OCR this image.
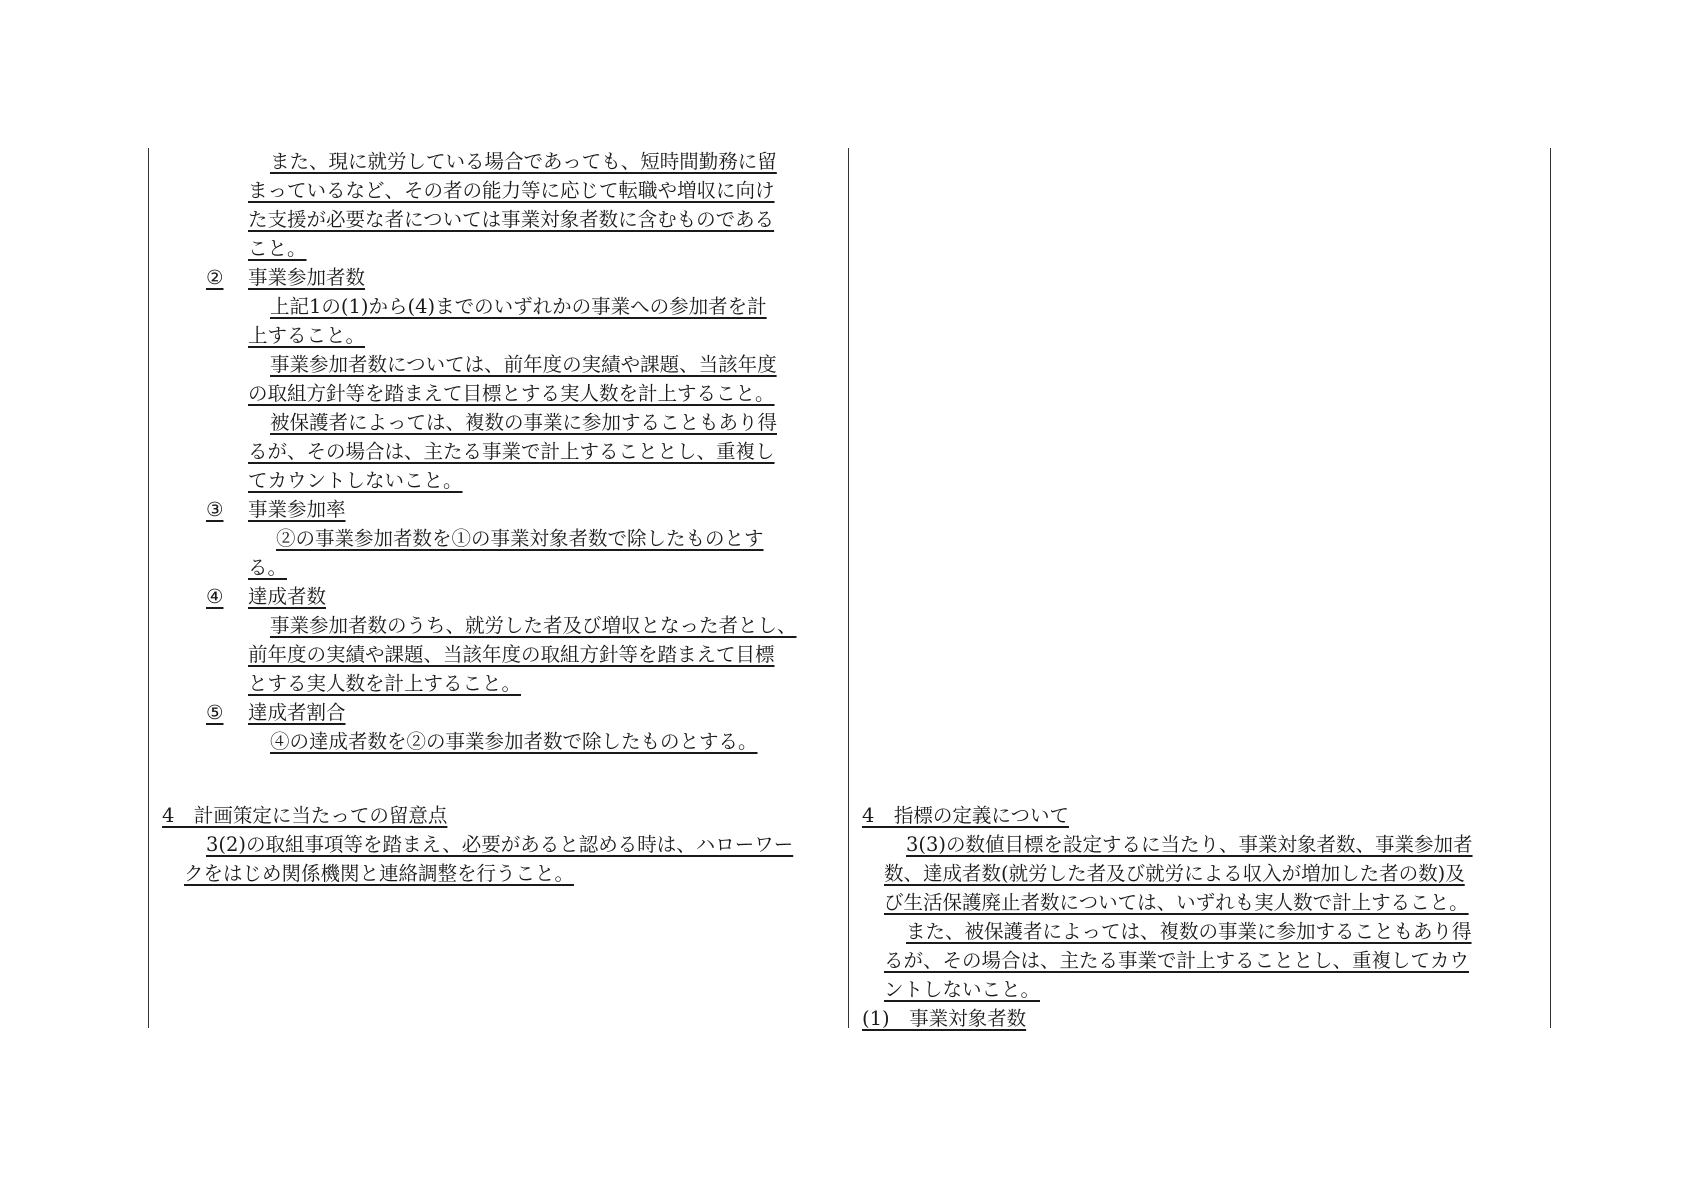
また、現に就労している場合であっても、短時間勤務に留
まっているなど、その者の能力等に応じて転職や増収に向け
た支援が必要な者については事業対象者数に含むものである
こと。
② 事業参加者数
上記1の(1)から(4)までのいずれかの事業への参加者を計
上すること。
事業参加者数については、前年度の実績や課題、当該年度
の取組方針等を踏まえて目標とする実人数を計上すること。
被保護者によっては、複数の事業に参加することもあり得
るが、その場合は、主たる事業で計上することとし、重複し
てカウントしないこと。
③ 事業参加率
②の事業参加者数を①の事業対象者数で除したものとす
る。
④ 達成者数
事業参加者数のうち、就労した者及び増収となった者とし、
前年度の実績や課題、当該年度の取組方針等を踏まえて目標
とする実人数を計上すること。
⑤ 達成者割合
④の達成者数を②の事業参加者数で除したものとする。
4　計画策定に当たっての留意点
3(2)の取組事項等を踏まえ、必要があると認める時は、ハローワー
クをはじめ関係機関と連絡調整を行うこと。
4　指標の定義について
3(3)の数値目標を設定するに当たり、事業対象者数、事業参加者
数、達成者数(就労した者及び就労による収入が増加した者の数)及
び生活保護廃止者数については、いずれも実人数で計上すること。
また、被保護者によっては、複数の事業に参加することもあり得
るが、その場合は、主たる事業で計上することとし、重複してカウ
ントしないこと。
(1)　事業対象者数
